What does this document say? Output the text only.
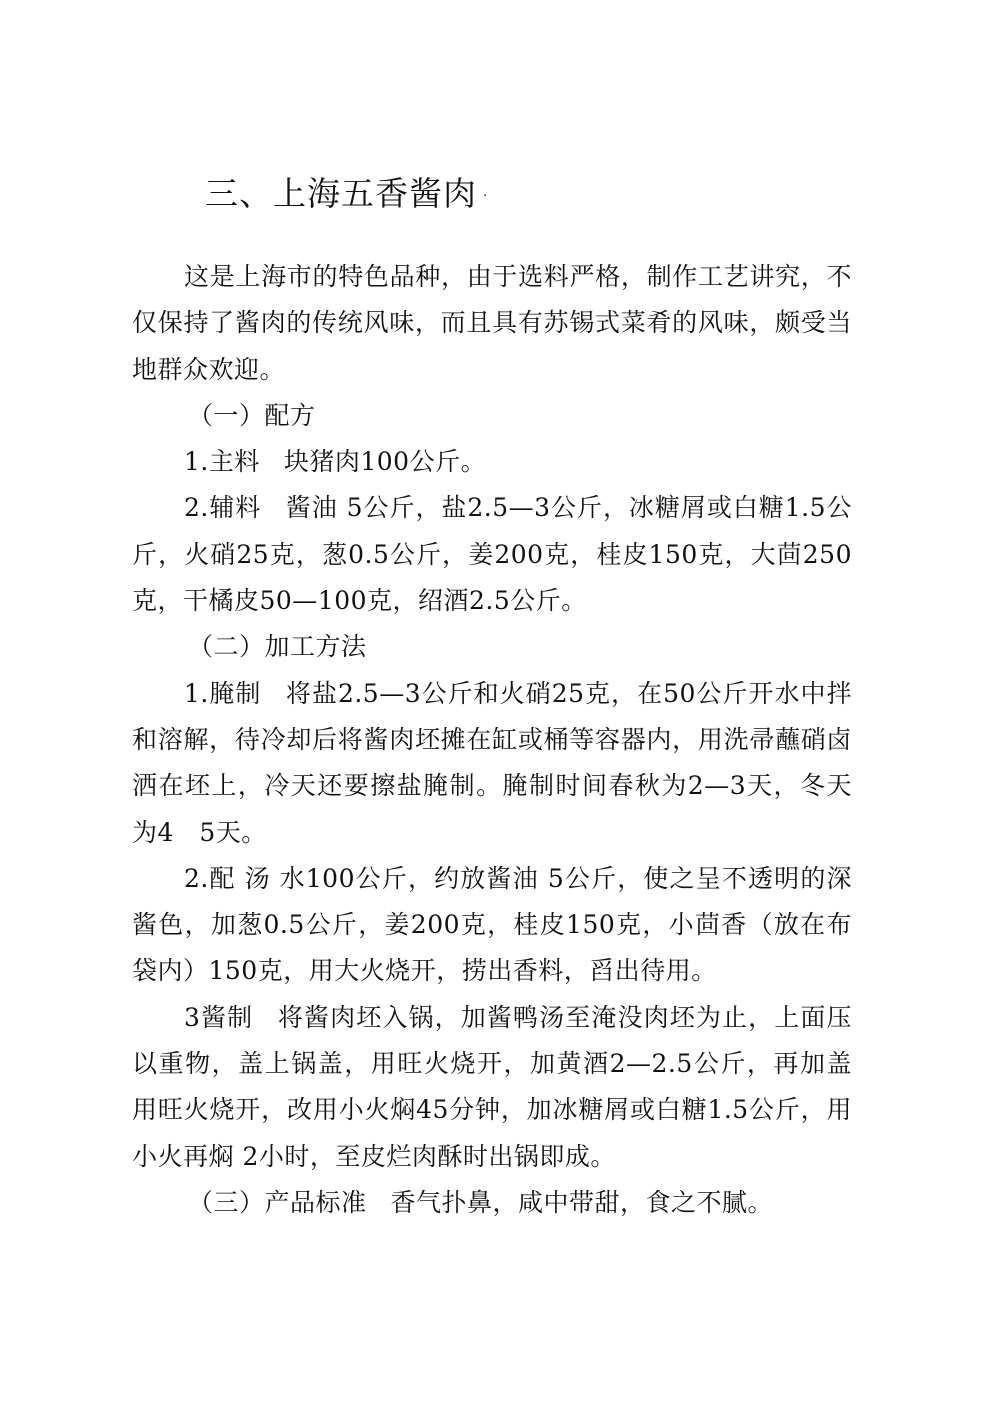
三、上海五香酱肉 ·

这是上海市的特色品种，由于选料严格，制作工艺讲究，不仅保持了酱肉的传统风味，而且具有苏锡式菜肴的风味，颇受当地群众欢迎。

（一）配方

1.主料 块猪肉100公斤。

2.辅料 酱油 5公斤，盐2.5—3公斤，冰糖屑或白糖1.5公斤，火硝25克，葱0.5公斤，姜200克，桂皮150克，大茴250克，干橘皮50—100克，绍酒2.5公斤。

（二）加工方法

1.腌制 将盐2.5—3公斤和火硝25克，在50公斤开水中拌和溶解，待冷却后将酱肉坯摊在缸或桶等容器内，用洗帚蘸硝卤洒在坯上，冷天还要擦盐腌制。腌制时间春秋为2—3天，冬天为4　5天。

2.配 汤 水100公斤，约放酱油 5公斤，使之呈不透明的深酱色，加葱0.5公斤，姜200克，桂皮150克，小茴香（放在布袋内）150克，用大火烧开，捞出香料，舀出待用。

3酱制 将酱肉坯入锅，加酱鸭汤至淹没肉坯为止，上面压以重物，盖上锅盖，用旺火烧开，加黄酒2—2.5公斤，再加盖用旺火烧开，改用小火焖45分钟，加冰糖屑或白糖1.5公斤，用小火再焖 2小时，至皮烂肉酥时出锅即成。

（三）产品标准 香气扑鼻，咸中带甜，食之不腻。
